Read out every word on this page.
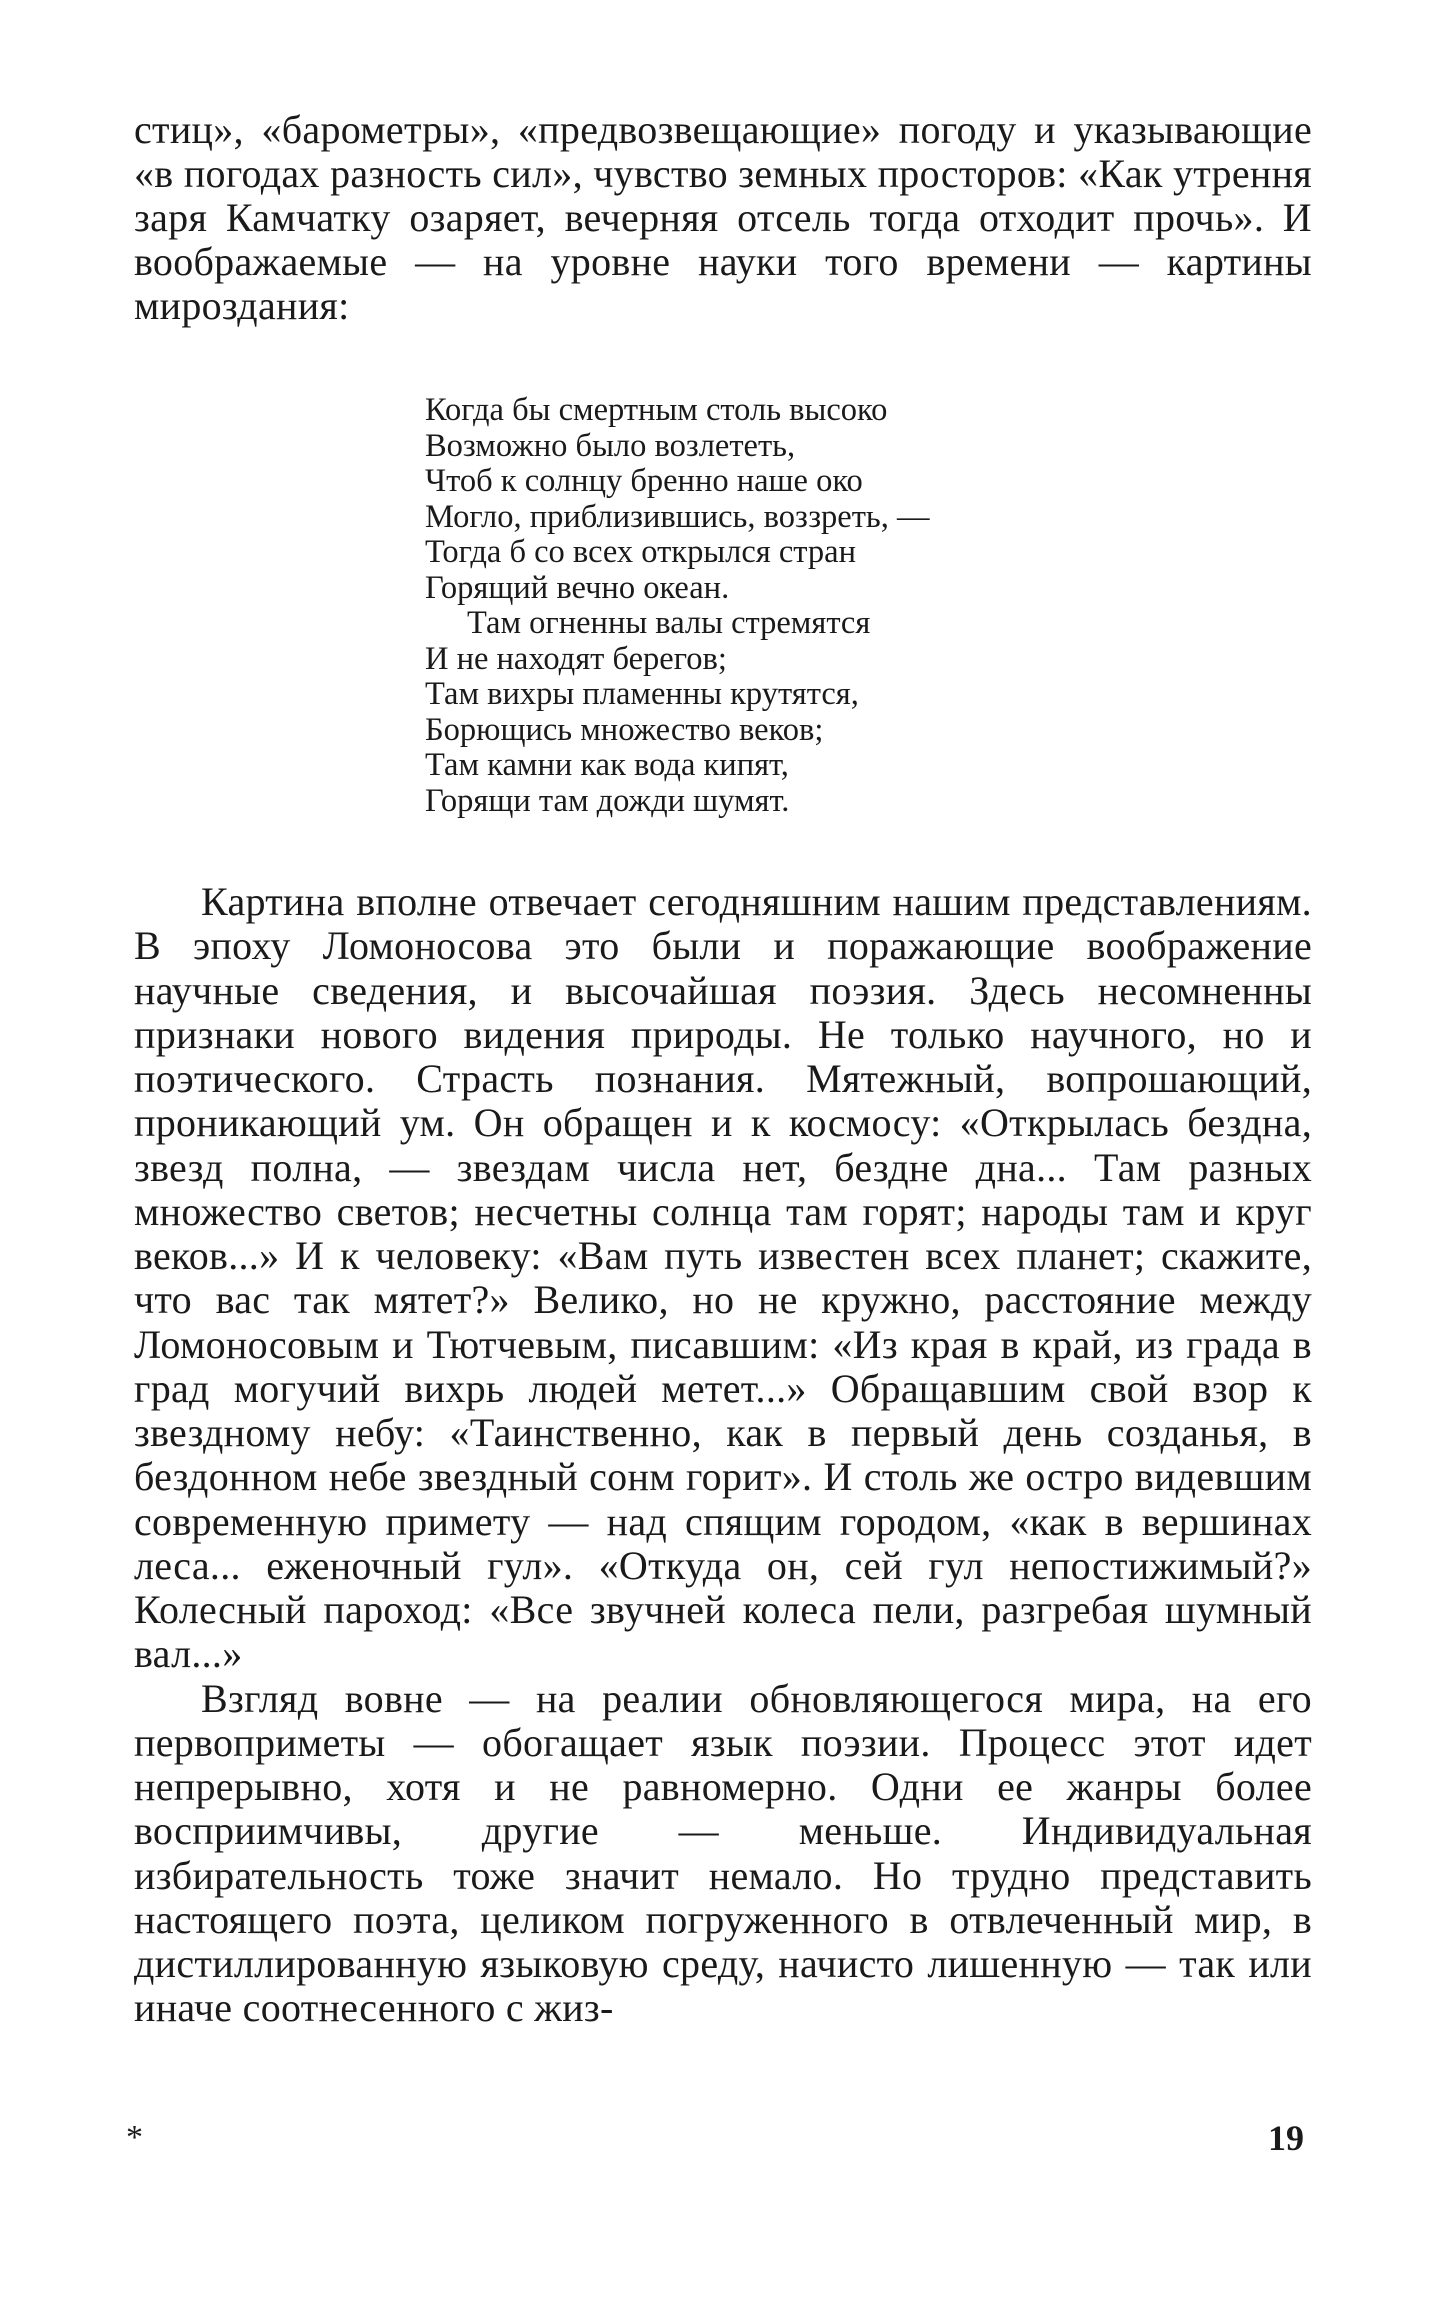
стиц», «барометры», «предвозвещающие» погоду и указывающие «в погодах разность сил», чувство земных просторов: «Как утрення заря Камчатку озаряет, вечерняя отсель тогда отходит прочь». И воображаемые — на уровне науки того времени — картины мироздания:

Когда бы смертным столь высоко
Возможно было возлететь,
Чтоб к солнцу бренно наше око
Могло, приблизившись, воззреть, —
Тогда б со всех открылся стран
Горящий вечно океан.
Там огненны валы стремятся
И не находят берегов;
Там вихры пламенны крутятся,
Борющись множество веков;
Там камни как вода кипят,
Горящи там дожди шумят.

Картина вполне отвечает сегодняшним нашим представлениям. В эпоху Ломоносова это были и поражающие воображение научные сведения, и высочайшая поэзия. Здесь несомненны признаки нового видения природы. Не только научного, но и поэтического. Страсть познания. Мятежный, вопрошающий, проникающий ум. Он обращен и к космосу: «Открылась бездна, звезд полна, — звездам числа нет, бездне дна... Там разных множество светов; несчетны солнца там горят; народы там и круг веков...» И к человеку: «Вам путь известен всех планет; скажите, что вас так мятет?» Велико, но не кружно, расстояние между Ломоносовым и Тютчевым, писавшим: «Из края в край, из града в град могучий вихрь людей метет...» Обращавшим свой взор к звездному небу: «Таинственно, как в первый день созданья, в бездонном небе звездный сонм горит». И столь же остро видевшим современную примету — над спящим городом, «как в вершинах леса... еженочный гул». «Откуда он, сей гул непостижимый?» Колесный пароход: «Все звучней колеса пели, разгребая шумный вал...»

Взгляд вовне — на реалии обновляющегося мира, на его первоприметы — обогащает язык поэзии. Процесс этот идет непрерывно, хотя и не равномерно. Одни ее жанры более восприимчивы, другие — меньше. Индивидуальная избирательность тоже значит немало. Но трудно представить настоящего поэта, целиком погруженного в отвлеченный мир, в дистиллированную языковую среду, начисто лишенную — так или иначе соотнесенного с жиз-

*	19
